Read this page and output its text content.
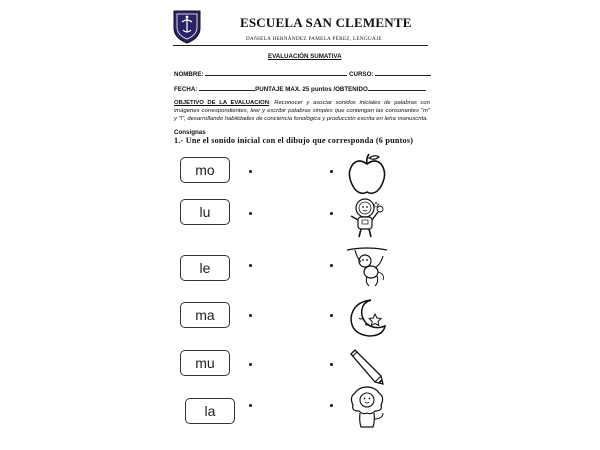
ESCUELA SAN CLEMENTE
DANIELA HERNÁNDEZ PAMELA PÉREZ, LENGUAJE
EVALUACIÓN SUMATIVA
NOMBRE:	CURSO:
FECHA:	PUNTAJE MAX. 25 puntos /OBTENIDO
OBJETIVO DE LA EVALUACION: Reconocer y asociar sonidos iniciales de palabras con imágenes correspondientes, leer y escribir palabras simples que contengan las consonantes "m" y "l", desarrollando habilidades de conciencia fonológica y producción escrita en letra manuscrita.
Consignas
1.- Une el sonido inicial con el dibujo que corresponda (6 puntos)
mo
lu
le
ma
mu
la
